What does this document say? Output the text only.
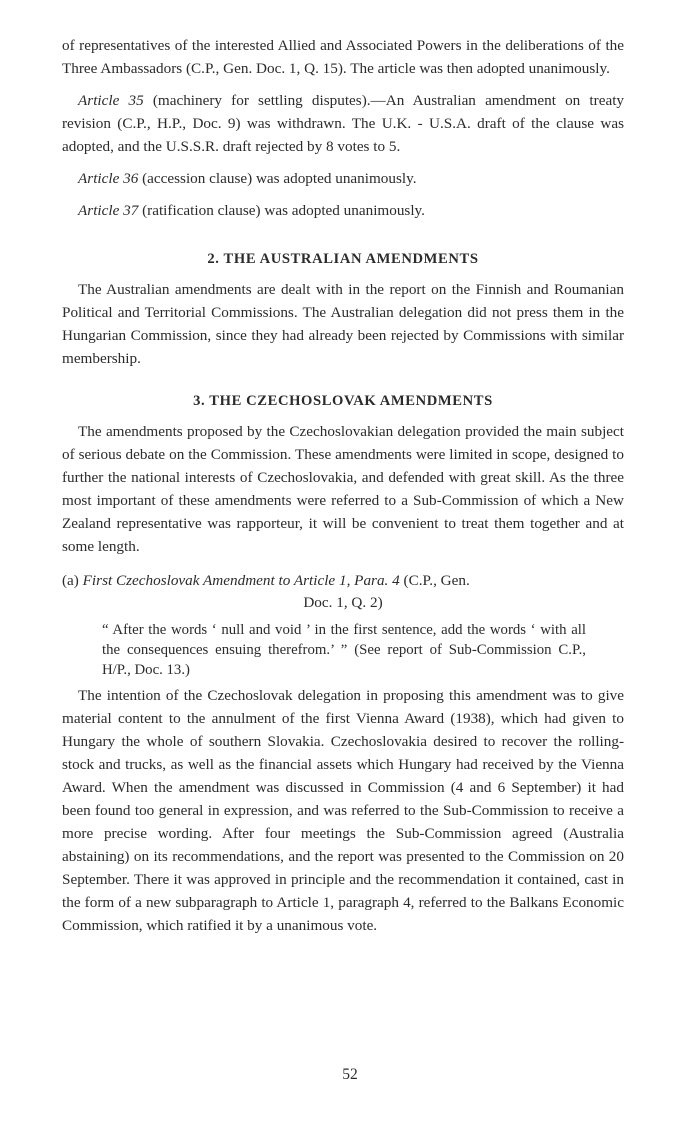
of representatives of the interested Allied and Associated Powers in the deliberations of the Three Ambassadors (C.P., Gen. Doc. 1, Q. 15). The article was then adopted unanimously.

Article 35 (machinery for settling disputes).—An Australian amendment on treaty revision (C.P., H.P., Doc. 9) was withdrawn. The U.K. - U.S.A. draft of the clause was adopted, and the U.S.S.R. draft rejected by 8 votes to 5.

Article 36 (accession clause) was adopted unanimously.

Article 37 (ratification clause) was adopted unanimously.

2. THE AUSTRALIAN AMENDMENTS

The Australian amendments are dealt with in the report on the Finnish and Roumanian Political and Territorial Commissions. The Australian delegation did not press them in the Hungarian Commission, since they had already been rejected by Commissions with similar membership.

3. THE CZECHOSLOVAK AMENDMENTS

The amendments proposed by the Czechoslovakian delegation provided the main subject of serious debate on the Commission. These amendments were limited in scope, designed to further the national interests of Czechoslovakia, and defended with great skill. As the three most important of these amendments were referred to a Sub-Commission of which a New Zealand representative was rapporteur, it will be convenient to treat them together and at some length.

(a) First Czechoslovak Amendment to Article 1, Para. 4 (C.P., Gen.
Doc. 1, Q. 2)

“ After the words ‘ null and void ’ in the first sentence, add the words ‘ with all the consequences ensuing therefrom.’ ” (See report of Sub-Commission C.P., H/P., Doc. 13.)

The intention of the Czechoslovak delegation in proposing this amendment was to give material content to the annulment of the first Vienna Award (1938), which had given to Hungary the whole of southern Slovakia. Czechoslovakia desired to recover the rolling-stock and trucks, as well as the financial assets which Hungary had received by the Vienna Award. When the amendment was discussed in Commission (4 and 6 September) it had been found too general in expression, and was referred to the Sub-Commission to receive a more precise wording. After four meetings the Sub-Commission agreed (Australia abstaining) on its recommendations, and the report was presented to the Commission on 20 September. There it was approved in principle and the recommendation it contained, cast in the form of a new subparagraph to Article 1, paragraph 4, referred to the Balkans Economic Commission, which ratified it by a unanimous vote.

52
